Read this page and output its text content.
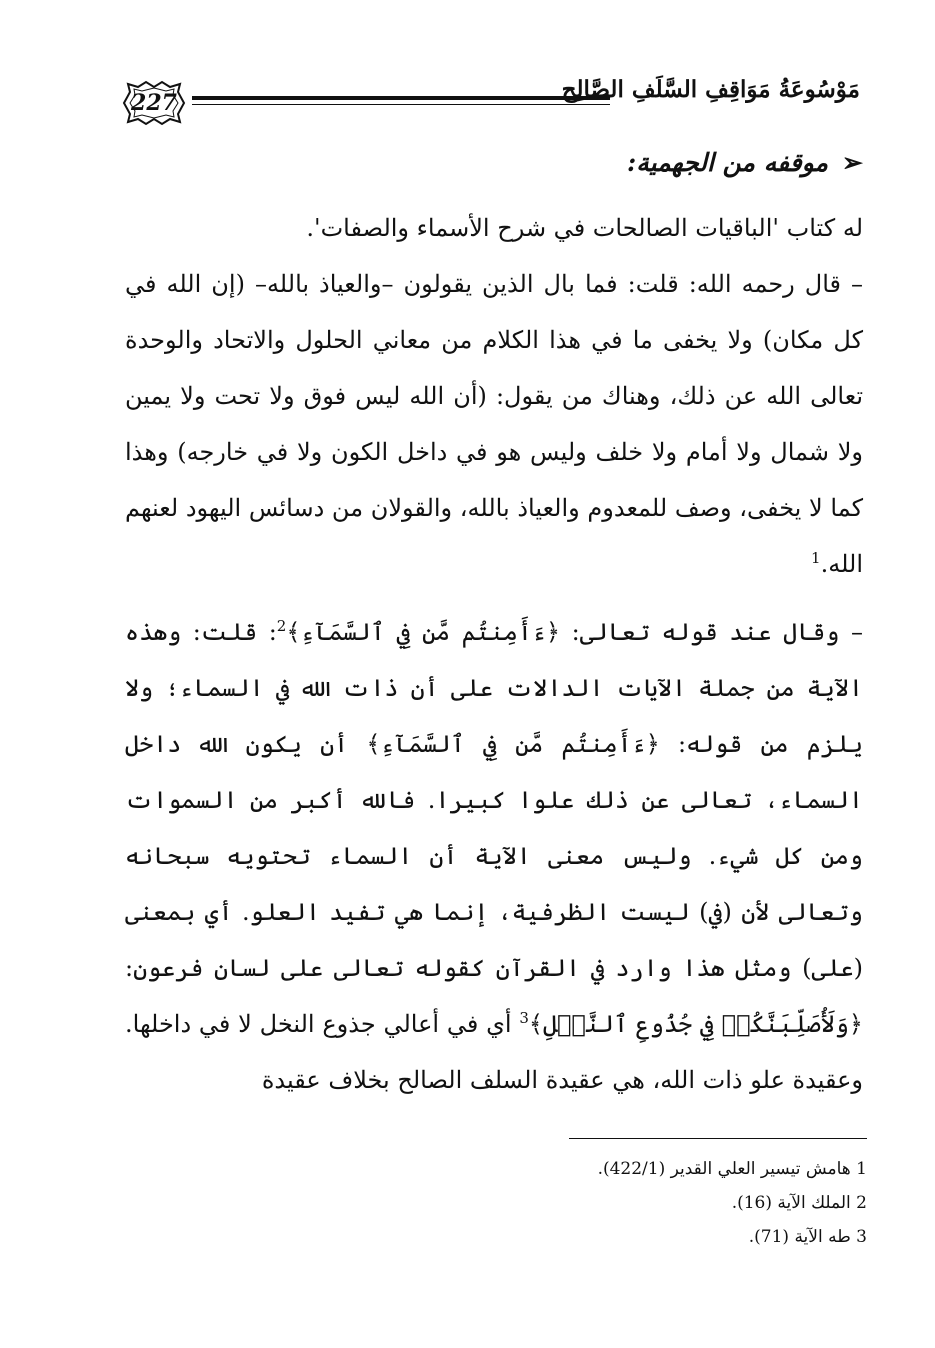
227	مَوْسُوعَةُ مَوَاقِفِ السَّلَفِ الصَّالِح
➢موقفه من الجهمية:

له كتاب 'الباقيات الصالحات في شرح الأسماء والصفات'.

– قال رحمه الله: قلت: فما بال الذين يقولون –والعياذ بالله– (إن الله في كل مكان) ولا يخفى ما في هذا الكلام من معاني الحلول والاتحاد والوحدة تعالى الله عن ذلك، وهناك من يقول: (أن الله ليس فوق ولا تحت ولا يمين ولا شمال ولا أمام ولا خلف وليس هو في داخل الكون ولا في خارجه) وهذا كما لا يخفى، وصف للمعدوم والعياذ بالله، والقولان من دسائس اليهود لعنهم الله.$^1$

– وقال عند قوله تعالى: ﴿ءَأَمِنتُم مَّن فِي ٱلسَّمَآءِ﴾$^2$: قلت: وهذه الآية من جملة الآيات الدالات على أن ذات الله في السماء؛ ولا يلزم من قوله: ﴿ءَأَمِنتُم مَّن فِي ٱلسَّمَآءِ﴾ أن يكون الله داخل السماء، تعالى عن ذلك علوا كبيرا. فالله أكبر من السموات ومن كل شيء. وليس معنى الآية أن السماء تحتويه سبحانه وتعالى لأن (في) ليست الظرفية، إنما هي تفيد العلو. أي بمعنى (على) ومثل هذا وارد في القرآن كقوله تعالى على لسان فرعون: ﴿وَلَأُصَلِّبَنَّكُمۡ فِي جُذُوعِ ٱلنَّخۡلِ﴾$^3$ أي في أعالي جذوع النخل لا في داخلها. وعقيدة علو ذات الله، هي عقيدة السلف الصالح بخلاف عقيدة

1 هامش تيسير العلي القدير (422/1).
2 الملك الآية (16).
3 طه الآية (71).
